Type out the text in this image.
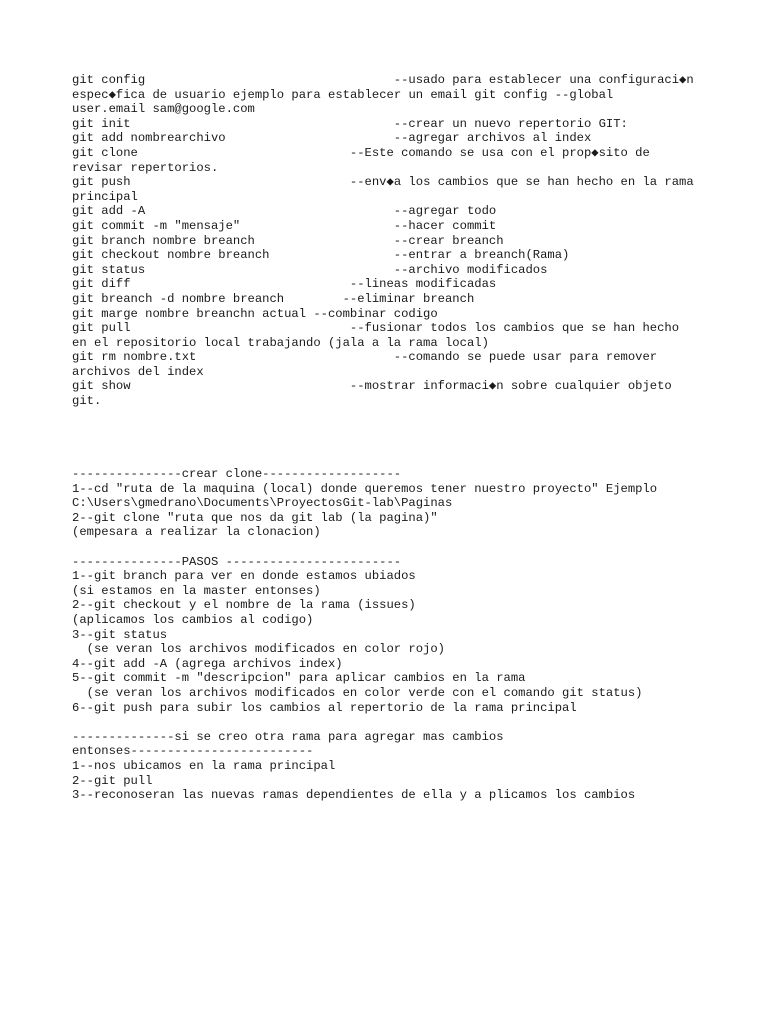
git config                                  --usado para establecer una configuraci◆n

espec◆fica de usuario ejemplo para establecer un email git config --global

user.email sam@google.com

git init                                    --crear un nuevo repertorio GIT:

git add nombrearchivo                       --agregar archivos al index

git clone                             --Este comando se usa con el prop◆sito de

revisar repertorios.

git push                              --env◆a los cambios que se han hecho en la rama

principal

git add -A                                  --agregar todo

git commit -m "mensaje"                     --hacer commit

git branch nombre breanch                   --crear breanch

git checkout nombre breanch                 --entrar a breanch(Rama)

git status                                  --archivo modificados

git diff                              --lineas modificadas

git breanch -d nombre breanch        --eliminar breanch

git marge nombre breanchn actual --combinar codigo

git pull                              --fusionar todos los cambios que se han hecho

en el repositorio local trabajando (jala a la rama local)

git rm nombre.txt                           --comando se puede usar para remover

archivos del index

git show                              --mostrar informaci◆n sobre cualquier objeto

git.

---------------crear clone-------------------

1--cd "ruta de la maquina (local) donde queremos tener nuestro proyecto" Ejemplo

C:\Users\gmedrano\Documents\ProyectosGit-lab\Paginas

2--git clone "ruta que nos da git lab (la pagina)"

(empesara a realizar la clonacion)

---------------PASOS ------------------------

1--git branch para ver en donde estamos ubiados

(si estamos en la master entonses)

2--git checkout y el nombre de la rama (issues)

(aplicamos los cambios al codigo)

3--git status

(se veran los archivos modificados en color rojo)

4--git add -A (agrega archivos index)

5--git commit -m "descripcion" para aplicar cambios en la rama

(se veran los archivos modificados en color verde con el comando git status)

6--git push para subir los cambios al repertorio de la rama principal

--------------si se creo otra rama para agregar mas cambios

entonses-------------------------

1--nos ubicamos en la rama principal

2--git pull

3--reconoseran las nuevas ramas dependientes de ella y a plicamos los cambios
